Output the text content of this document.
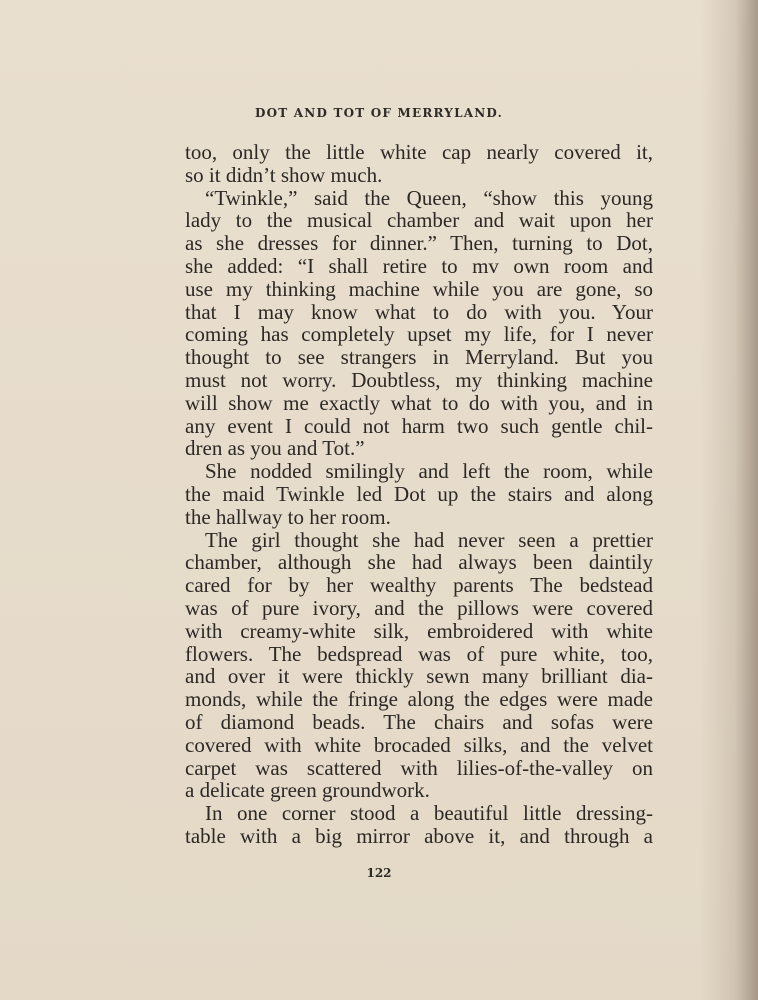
DOT AND TOT OF MERRYLAND.
too, only the little white cap nearly covered it,
so it didn’t show much.
“Twinkle,” said the Queen, “show this young
lady to the musical chamber and wait upon her
as she dresses for dinner.” Then, turning to Dot,
she added: “I shall retire to mv own room and
use my thinking machine while you are gone, so
that I may know what to do with you. Your
coming has completely upset my life, for I never
thought to see strangers in Merryland. But you
must not worry. Doubtless, my thinking machine
will show me exactly what to do with you, and in
any event I could not harm two such gentle chil-
dren as you and Tot.”
She nodded smilingly and left the room, while
the maid Twinkle led Dot up the stairs and along
the hallway to her room.
The girl thought she had never seen a prettier
chamber, although she had always been daintily
cared for by her wealthy parents The bedstead
was of pure ivory, and the pillows were covered
with creamy-white silk, embroidered with white
flowers. The bedspread was of pure white, too,
and over it were thickly sewn many brilliant dia-
monds, while the fringe along the edges were made
of diamond beads. The chairs and sofas were
covered with white brocaded silks, and the velvet
carpet was scattered with lilies-of-the-valley on
a delicate green groundwork.
In one corner stood a beautiful little dressing-
table with a big mirror above it, and through a
122
